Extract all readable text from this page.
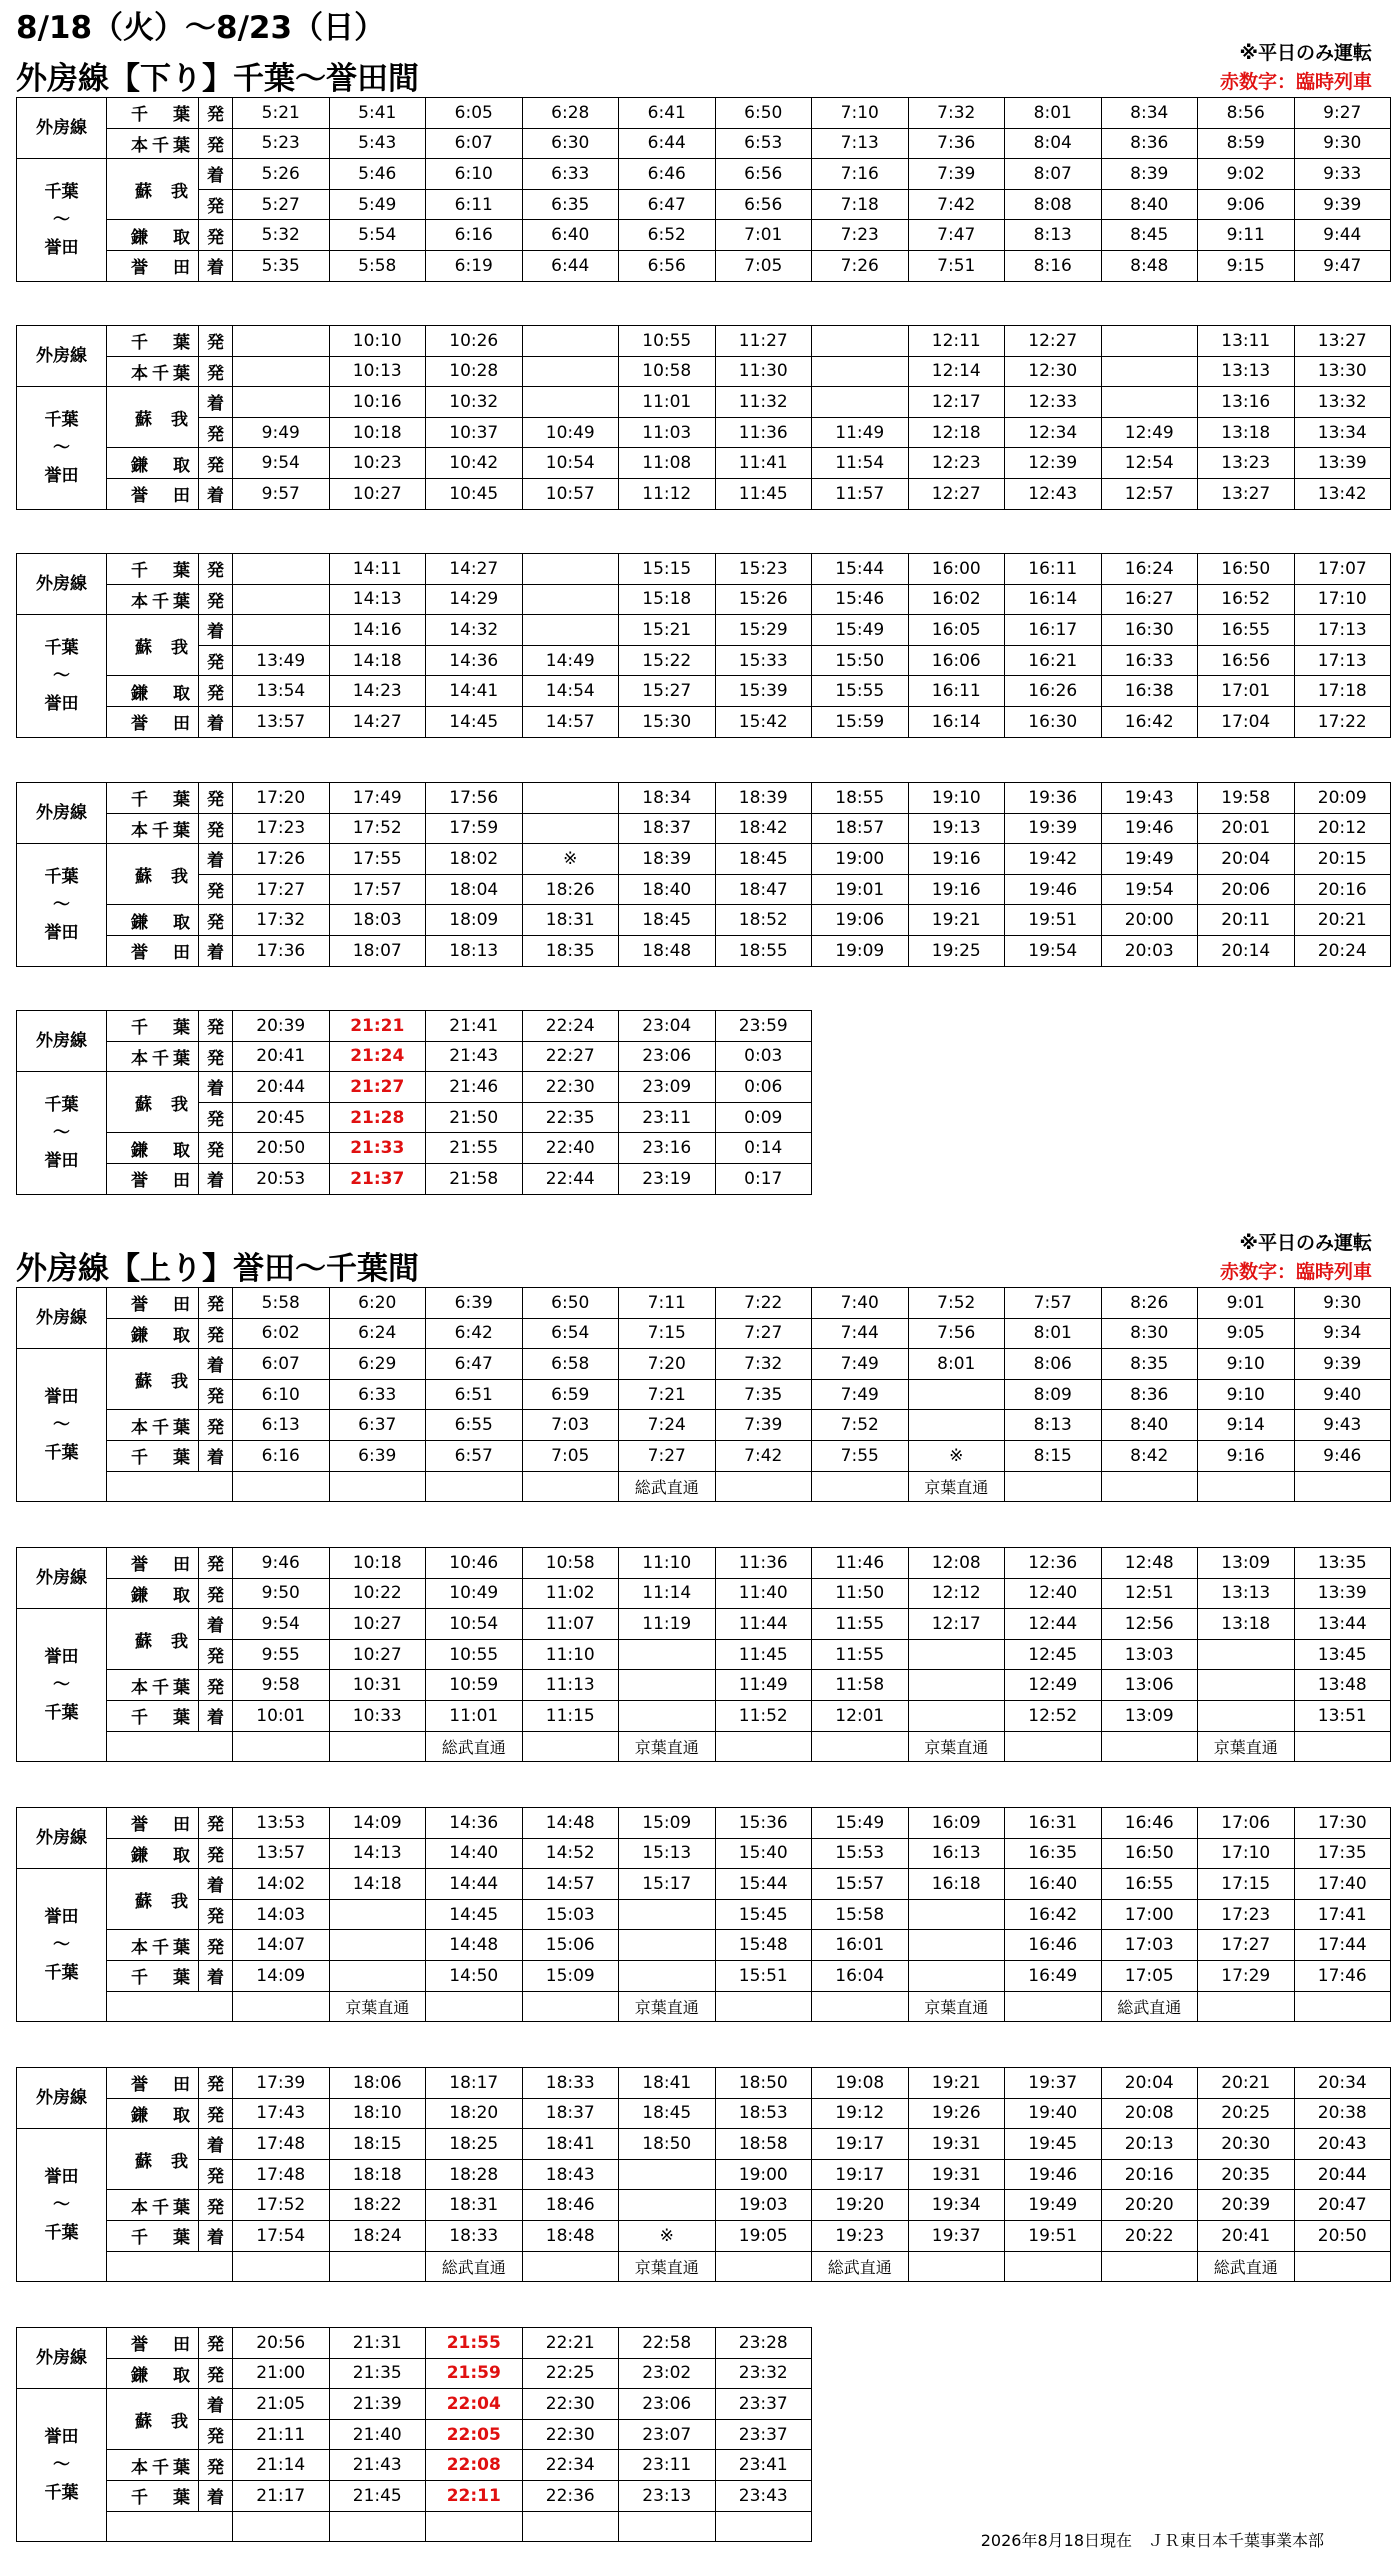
8/18（火）～8/23（日）
外房線【下り】千葉～誉田間
※平日のみ運転
赤数字：臨時列車
外房線	千葉	発	5:21	5:41	6:05	6:28	6:41	6:50	7:10	7:32	8:01	8:34	8:56	9:27
	本千葉	発	5:23	5:43	6:07	6:30	6:44	6:53	7:13	7:36	8:04	8:36	8:59	9:30

千葉
～
誉田	蘇我	着	5:26	5:46	6:10	6:33	6:46	6:56	7:16	7:39	8:07	8:39	9:02	9:33
		発	5:27	5:49	6:11	6:35	6:47	6:56	7:18	7:42	8:08	8:40	9:06	9:39
	鎌取	発	5:32	5:54	6:16	6:40	6:52	7:01	7:23	7:47	8:13	8:45	9:11	9:44
	誉田	着	5:35	5:58	6:19	6:44	6:56	7:05	7:26	7:51	8:16	8:48	9:15	9:47
外房線	千葉	発		10:10	10:26		10:55	11:27		12:11	12:27		13:11	13:27
	本千葉	発		10:13	10:28		10:58	11:30		12:14	12:30		13:13	13:30

千葉
～
誉田	蘇我	着		10:16	10:32		11:01	11:32		12:17	12:33		13:16	13:32
		発	9:49	10:18	10:37	10:49	11:03	11:36	11:49	12:18	12:34	12:49	13:18	13:34
	鎌取	発	9:54	10:23	10:42	10:54	11:08	11:41	11:54	12:23	12:39	12:54	13:23	13:39
	誉田	着	9:57	10:27	10:45	10:57	11:12	11:45	11:57	12:27	12:43	12:57	13:27	13:42
外房線	千葉	発		14:11	14:27		15:15	15:23	15:44	16:00	16:11	16:24	16:50	17:07
	本千葉	発		14:13	14:29		15:18	15:26	15:46	16:02	16:14	16:27	16:52	17:10

千葉
～
誉田	蘇我	着		14:16	14:32		15:21	15:29	15:49	16:05	16:17	16:30	16:55	17:13
		発	13:49	14:18	14:36	14:49	15:22	15:33	15:50	16:06	16:21	16:33	16:56	17:13
	鎌取	発	13:54	14:23	14:41	14:54	15:27	15:39	15:55	16:11	16:26	16:38	17:01	17:18
	誉田	着	13:57	14:27	14:45	14:57	15:30	15:42	15:59	16:14	16:30	16:42	17:04	17:22
外房線	千葉	発	17:20	17:49	17:56		18:34	18:39	18:55	19:10	19:36	19:43	19:58	20:09
	本千葉	発	17:23	17:52	17:59		18:37	18:42	18:57	19:13	19:39	19:46	20:01	20:12

千葉
～
誉田	蘇我	着	17:26	17:55	18:02	※	18:39	18:45	19:00	19:16	19:42	19:49	20:04	20:15
		発	17:27	17:57	18:04	18:26	18:40	18:47	19:01	19:16	19:46	19:54	20:06	20:16
	鎌取	発	17:32	18:03	18:09	18:31	18:45	18:52	19:06	19:21	19:51	20:00	20:11	20:21
	誉田	着	17:36	18:07	18:13	18:35	18:48	18:55	19:09	19:25	19:54	20:03	20:14	20:24
外房線	千葉	発	20:39	21:21	21:41	22:24	23:04	23:59
	本千葉	発	20:41	21:24	21:43	22:27	23:06	0:03

千葉
～
誉田	蘇我	着	20:44	21:27	21:46	22:30	23:09	0:06
		発	20:45	21:28	21:50	22:35	23:11	0:09
	鎌取	発	20:50	21:33	21:55	22:40	23:16	0:14
	誉田	着	20:53	21:37	21:58	22:44	23:19	0:17
外房線【上り】誉田～千葉間
※平日のみ運転
赤数字：臨時列車
外房線	誉田	発	5:58	6:20	6:39	6:50	7:11	7:22	7:40	7:52	7:57	8:26	9:01	9:30
	鎌取	発	6:02	6:24	6:42	6:54	7:15	7:27	7:44	7:56	8:01	8:30	9:05	9:34

誉田
～
千葉	蘇我	着	6:07	6:29	6:47	6:58	7:20	7:32	7:49	8:01	8:06	8:35	9:10	9:39
		発	6:10	6:33	6:51	6:59	7:21	7:35	7:49		8:09	8:36	9:10	9:40
	本千葉	発	6:13	6:37	6:55	7:03	7:24	7:39	7:52		8:13	8:40	9:14	9:43
	千葉	着	6:16	6:39	6:57	7:05	7:27	7:42	7:55	※	8:15	8:42	9:16	9:46
							総武直通			京葉直通				
外房線	誉田	発	9:46	10:18	10:46	10:58	11:10	11:36	11:46	12:08	12:36	12:48	13:09	13:35
	鎌取	発	9:50	10:22	10:49	11:02	11:14	11:40	11:50	12:12	12:40	12:51	13:13	13:39

誉田
～
千葉	蘇我	着	9:54	10:27	10:54	11:07	11:19	11:44	11:55	12:17	12:44	12:56	13:18	13:44
		発	9:55	10:27	10:55	11:10		11:45	11:55		12:45	13:03		13:45
	本千葉	発	9:58	10:31	10:59	11:13		11:49	11:58		12:49	13:06		13:48
	千葉	着	10:01	10:33	11:01	11:15		11:52	12:01		12:52	13:09		13:51
					総武直通		京葉直通			京葉直通			京葉直通	
外房線	誉田	発	13:53	14:09	14:36	14:48	15:09	15:36	15:49	16:09	16:31	16:46	17:06	17:30
	鎌取	発	13:57	14:13	14:40	14:52	15:13	15:40	15:53	16:13	16:35	16:50	17:10	17:35

誉田
～
千葉	蘇我	着	14:02	14:18	14:44	14:57	15:17	15:44	15:57	16:18	16:40	16:55	17:15	17:40
		発	14:03		14:45	15:03		15:45	15:58		16:42	17:00	17:23	17:41
	本千葉	発	14:07		14:48	15:06		15:48	16:01		16:46	17:03	17:27	17:44
	千葉	着	14:09		14:50	15:09		15:51	16:04		16:49	17:05	17:29	17:46
				京葉直通			京葉直通			京葉直通		総武直通		
外房線	誉田	発	17:39	18:06	18:17	18:33	18:41	18:50	19:08	19:21	19:37	20:04	20:21	20:34
	鎌取	発	17:43	18:10	18:20	18:37	18:45	18:53	19:12	19:26	19:40	20:08	20:25	20:38

誉田
～
千葉	蘇我	着	17:48	18:15	18:25	18:41	18:50	18:58	19:17	19:31	19:45	20:13	20:30	20:43
		発	17:48	18:18	18:28	18:43		19:00	19:17	19:31	19:46	20:16	20:35	20:44
	本千葉	発	17:52	18:22	18:31	18:46		19:03	19:20	19:34	19:49	20:20	20:39	20:47
	千葉	着	17:54	18:24	18:33	18:48	※	19:05	19:23	19:37	19:51	20:22	20:41	20:50
					総武直通		京葉直通		総武直通				総武直通	
外房線	誉田	発	20:56	21:31	21:55	22:21	22:58	23:28
	鎌取	発	21:00	21:35	21:59	22:25	23:02	23:32

誉田
～
千葉	蘇我	着	21:05	21:39	22:04	22:30	23:06	23:37
		発	21:11	21:40	22:05	22:30	23:07	23:37
	本千葉	発	21:14	21:43	22:08	22:34	23:11	23:41
	千葉	着	21:17	21:45	22:11	22:36	23:13	23:43

2026年8月18日現在　ＪＲ東日本千葉事業本部
